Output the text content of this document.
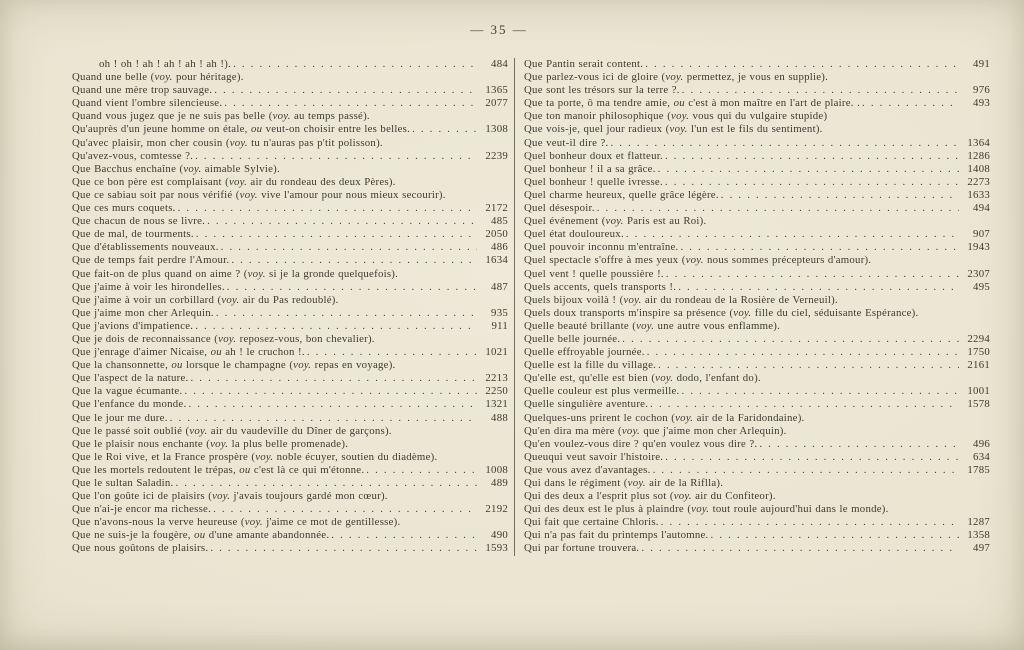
— 35 —
oh ! oh ! ah ! ah ! ah ! ah !). . . .	484
Quand une belle (voy. pour héritage).
Quand une mère trop sauvage. . . .	1365
Quand vient l'ombre silencieuse. . . .	2077
Quand vous jugez que je ne suis pas belle (voy. au temps passé).
Qu'auprès d'un jeune homme on étale, ou veut-on choisir entre les belles. . . .	1308
Qu'avec plaisir, mon cher cousin (voy. tu n'auras pas p'tit polisson).
Qu'avez-vous, comtesse ?. . . .	2239
Que Bacchus enchaîne (voy. aimable Sylvie).
Que ce bon père est complaisant (voy. air du rondeau des deux Pères).
Que ce sabiau soit par nous vérifié (voy. vive l'amour pour nous mieux secourir).
Que ces murs coquets. . . .	2172
Que chacun de nous se livre. . . .	485
Que de mal, de tourments. . . .	2050
Que d'établissements nouveaux. . . .	486
Que de temps fait perdre l'Amour. . . .	1634
Que fait-on de plus quand on aime ? (voy. si je la gronde quelquefois).
Que j'aime à voir les hirondelles. . . .	487
Que j'aime à voir un corbillard (voy. air du Pas redoublé).
Que j'aime mon cher Arlequin. . . .	935
Que j'avions d'impatience. . . .	911
Que je dois de reconnaissance (voy. reposez-vous, bon chevalier).
Que j'enrage d'aimer Nicaise, ou ah ! le cruchon !. . . .	1021
Que la chansonnette, ou lorsque le champagne (voy. repas en voyage).
Que l'aspect de la nature. . . .	2213
Que la vague écumante. . . .	2250
Que l'enfance du monde. . . .	1321
Que le jour me dure. . . .	488
Que le passé soit oublié (voy. air du vaudeville du Dîner de garçons).
Que le plaisir nous enchante (voy. la plus belle promenade).
Que le Roi vive, et la France prospère (voy. noble écuyer, soutien du diadème).
Que les mortels redoutent le trépas, ou c'est là ce qui m'étonne. . . .	1008
Que le sultan Saladin. . . .	489
Que l'on goûte ici de plaisirs (voy. j'avais toujours gardé mon cœur).
Que n'ai-je encor ma richesse. . . .	2192
Que n'avons-nous la verve heureuse (voy. j'aime ce mot de gentillesse).
Que ne suis-je la fougère, ou d'une amante abandonnée. . . .	490
Que nous goûtons de plaisirs. . . .	1593
Que Pantin serait content. . . .	491
Que parlez-vous ici de gloire (voy. permettez, je vous en supplie).
Que sont les trésors sur la terre ?. . . .	976
Que ta porte, ô ma tendre amie, ou c'est à mon maître en l'art de plaire. . . . .	493
Que ton manoir philosophique (voy. vous qui du vulgaire stupide)
Que vois-je, quel jour radieux (voy. l'un est le fils du sentiment).
Que veut-il dire ?. . . .	1364
Quel bonheur doux et flatteur. . . .	1286
Quel bonheur ! il a sa grâce. . . .	1408
Quel bonheur ! quelle ivresse. . . .	2273
Quel charme heureux, quelle grâce légère. . . .	1633
Quel désespoir. . . .	494
Quel événement (voy. Paris est au Roi).
Quel état douloureux. . . .	907
Quel pouvoir inconnu m'entraîne. . . .	1943
Quel spectacle s'offre à mes yeux (voy. nous sommes précepteurs d'amour).
Quel vent ! quelle poussière !. . . .	2307
Quels accents, quels transports !. . . .	495
Quels bijoux voilà ! (voy. air du rondeau de la Rosière de Verneuil).
Quels doux transports m'inspire sa présence (voy. fille du ciel, séduisante Espérance).
Quelle beauté brillante (voy. une autre vous enflamme).
Quelle belle journée. . . .	2294
Quelle effroyable journée. . . .	1750
Quelle est la fille du village. . . .	2161
Qu'elle est, qu'elle est bien (voy. dodo, l'enfant do).
Quelle couleur est plus vermeille. . . .	1001
Quelle singulière aventure. . . .	1578
Quelques-uns prirent le cochon (voy. air de la Faridondaine).
Qu'en dira ma mère (voy. que j'aime mon cher Arlequin).
Qu'en voulez-vous dire ? qu'en voulez vous dire ?. . . .	496
Queuqui veut savoir l'histoire. . . .	634
Que vous avez d'avantages. . . .	1785
Qui dans le régiment (voy. air de la Riflla).
Qui des deux a l'esprit plus sot (voy. air du Confiteor).
Qui des deux est le plus à plaindre (voy. tout roule aujourd'hui dans le monde).
Qui fait que certaine Chloris. . . .	1287
Qui n'a pas fait du printemps l'automne. . . .	1358
Qui par fortune trouvera. . . .	497
